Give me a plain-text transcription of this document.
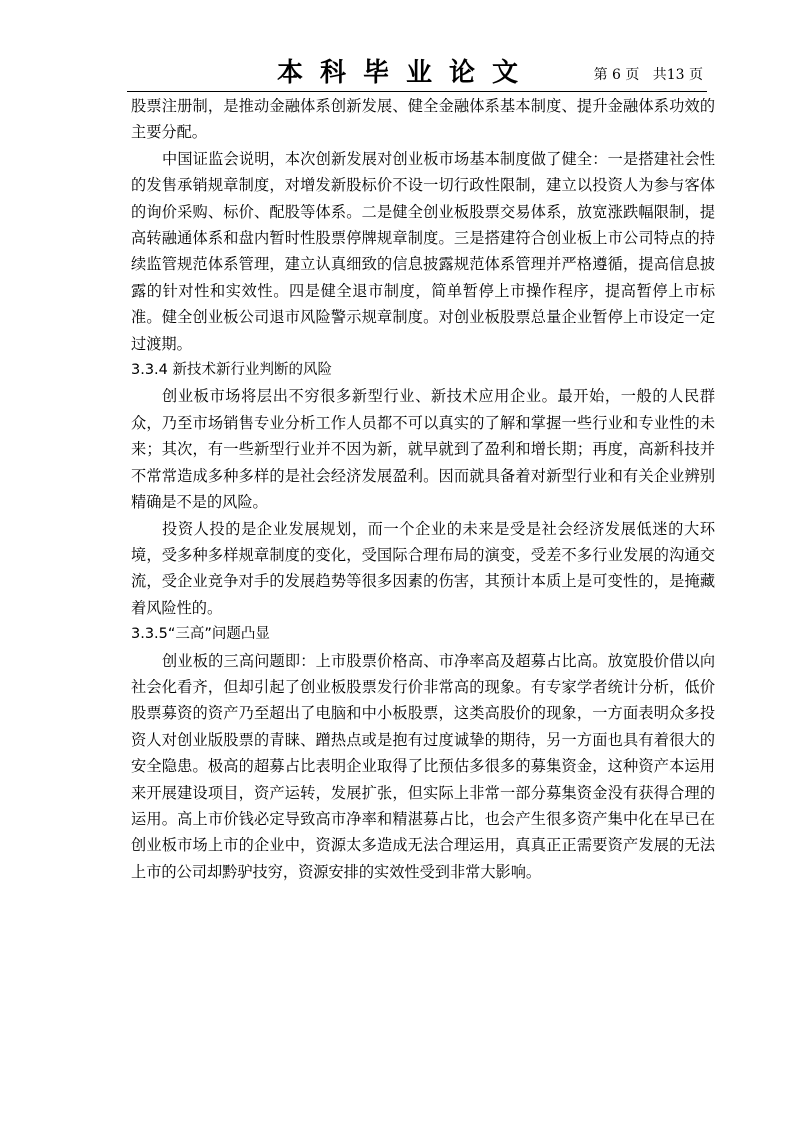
本科毕业论文	第 6 页 共13 页

股票注册制，是推动金融体系创新发展、健全金融体系基本制度、提升金融体系功效的主要分配。

中国证监会说明，本次创新发展对创业板市场基本制度做了健全：一是搭建社会性的发售承销规章制度，对增发新股标价不设一切行政性限制，建立以投资人为参与客体的询价采购、标价、配股等体系。二是健全创业板股票交易体系，放宽涨跌幅限制，提高转融通体系和盘内暂时性股票停牌规章制度。三是搭建符合创业板上市公司特点的持续监管规范体系管理，建立认真细致的信息披露规范体系管理并严格遵循，提高信息披露的针对性和实效性。四是健全退市制度，简单暂停上市操作程序，提高暂停上市标准。健全创业板公司退市风险警示规章制度。对创业板股票总量企业暂停上市设定一定过渡期。

3.3.4 新技术新行业判断的风险

创业板市场将层出不穷很多新型行业、新技术应用企业。最开始，一般的人民群众，乃至市场销售专业分析工作人员都不可以真实的了解和掌握一些行业和专业性的未来；其次，有一些新型行业并不因为新，就早就到了盈利和增长期；再度，高新科技并不常常造成多种多样的是社会经济发展盈利。因而就具备着对新型行业和有关企业辨别精确是不是的风险。

投资人投的是企业发展规划，而一个企业的未来是受是社会经济发展低迷的大环境，受多种多样规章制度的变化，受国际合理布局的演变，受差不多行业发展的沟通交流，受企业竞争对手的发展趋势等很多因素的伤害，其预计本质上是可变性的，是掩藏着风险性的。

3.3.5“三高”问题凸显

创业板的三高问题即：上市股票价格高、市净率高及超募占比高。放宽股价借以向社会化看齐，但却引起了创业板股票发行价非常高的现象。有专家学者统计分析，低价股票募资的资产乃至超出了电脑和中小板股票，这类高股价的现象，一方面表明众多投资人对创业版股票的青睐、蹭热点或是抱有过度诚挚的期待，另一方面也具有着很大的安全隐患。极高的超募占比表明企业取得了比预估多很多的募集资金，这种资产本运用来开展建设项目，资产运转，发展扩张，但实际上非常一部分募集资金没有获得合理的运用。高上市价钱必定导致高市净率和精湛募占比，也会产生很多资产集中化在早已在创业板市场上市的企业中，资源太多造成无法合理运用，真真正正需要资产发展的无法上市的公司却黔驴技穷，资源安排的实效性受到非常大影响。
